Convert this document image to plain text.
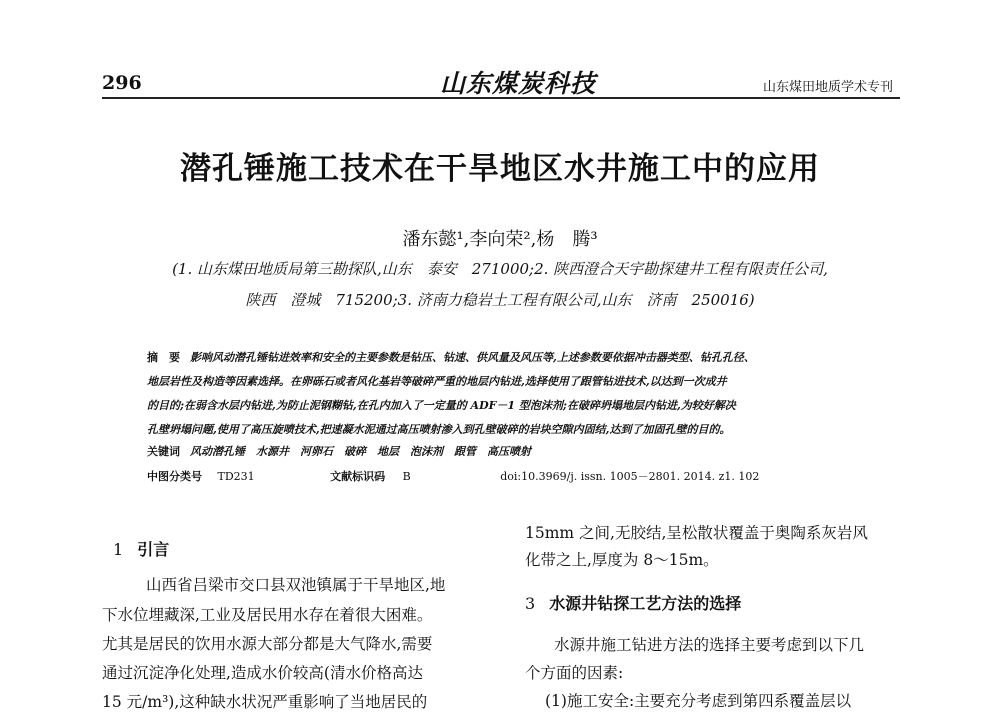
296	山东煤炭科技	山东煤田地质学术专刊
潜孔锤施工技术在干旱地区水井施工中的应用
潘东懿¹,李向荣²,杨　腾³
(1. 山东煤田地质局第三勘探队,山东　泰安　271000;2. 陕西澄合天宇勘探建井工程有限责任公司,
陕西　澄城　715200;3. 济南力稳岩土工程有限公司,山东　济南　250016)
摘　要 影响风动潜孔锤钻进效率和安全的主要参数是钻压、钻速、供风量及风压等,上述参数要依据冲击器类型、钻孔孔径、
地层岩性及构造等因素选择。在卵砾石或者风化基岩等破碎严重的地层内钻进,选择使用了跟管钻进技术,以达到一次成井
的目的;在弱含水层内钻进,为防止泥钢糊钻,在孔内加入了一定量的 ADF－1 型泡沫剂;在破碎坍塌地层内钻进,为较好解决
孔壁坍塌问题,使用了高压旋喷技术,把速凝水泥通过高压喷射渗入到孔壁破碎的岩块空隙内固结,达到了加固孔壁的目的。
关键词 风动潜孔锤　水源井　河卵石　破碎　地层　泡沫剂　跟管　高压喷射
中图分类号 TD231	文献标识码 B	doi:10.3969/j. issn. 1005－2801. 2014. z1. 102
1 引言
山西省吕梁市交口县双池镇属于干旱地区,地
下水位埋藏深,工业及居民用水存在着很大困难。
尤其是居民的饮用水源大部分都是大气降水,需要
通过沉淀净化处理,造成水价较高(清水价格高达
15 元/m³),这种缺水状况严重影响了当地居民的
15mm 之间,无胶结,呈松散状覆盖于奥陶系灰岩风
化带之上,厚度为 8～15m。
3 水源井钻探工艺方法的选择
水源井施工钻进方法的选择主要考虑到以下几
个方面的因素:
(1)施工安全:主要充分考虑到第四系覆盖层以
